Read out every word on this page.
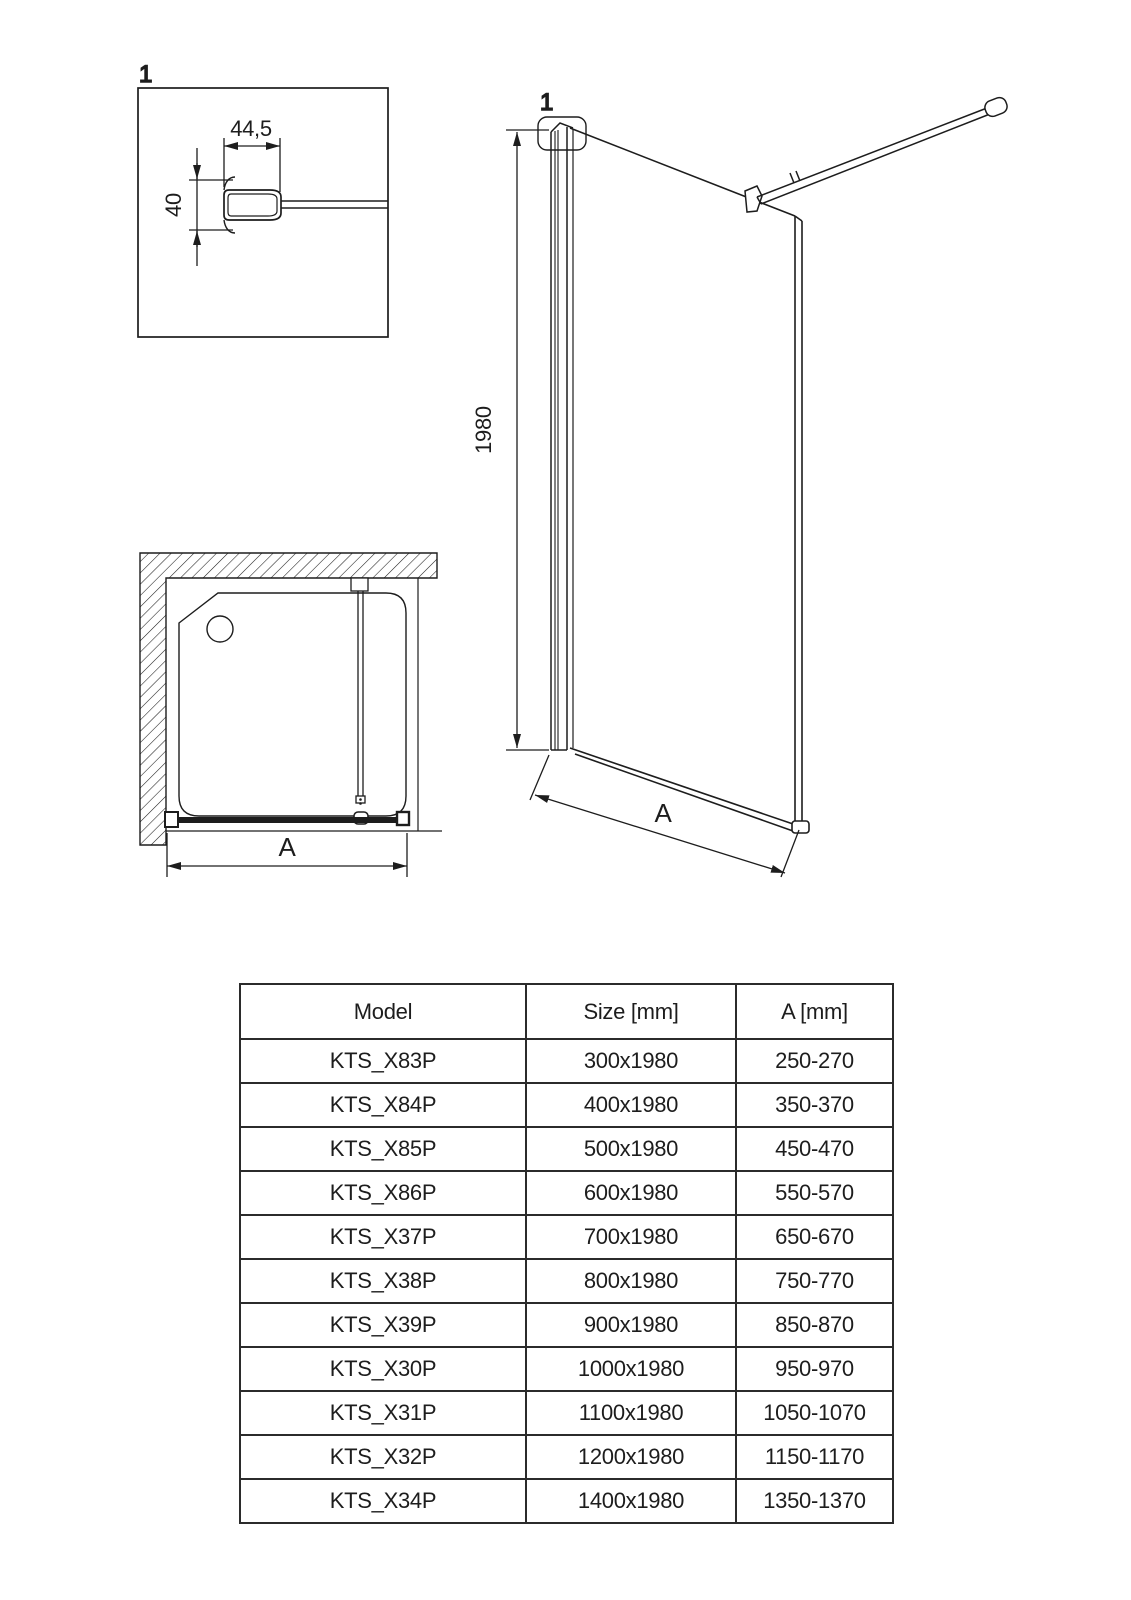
1
44,5
40
1
1980
A
A
Model	Size [mm]	A [mm]
KTS_X83P	300x1980	250-270
KTS_X84P	400x1980	350-370
KTS_X85P	500x1980	450-470
KTS_X86P	600x1980	550-570
KTS_X37P	700x1980	650-670
KTS_X38P	800x1980	750-770
KTS_X39P	900x1980	850-870
KTS_X30P	1000x1980	950-970
KTS_X31P	1100x1980	1050-1070
KTS_X32P	1200x1980	1150-1170
KTS_X34P	1400x1980	1350-1370
